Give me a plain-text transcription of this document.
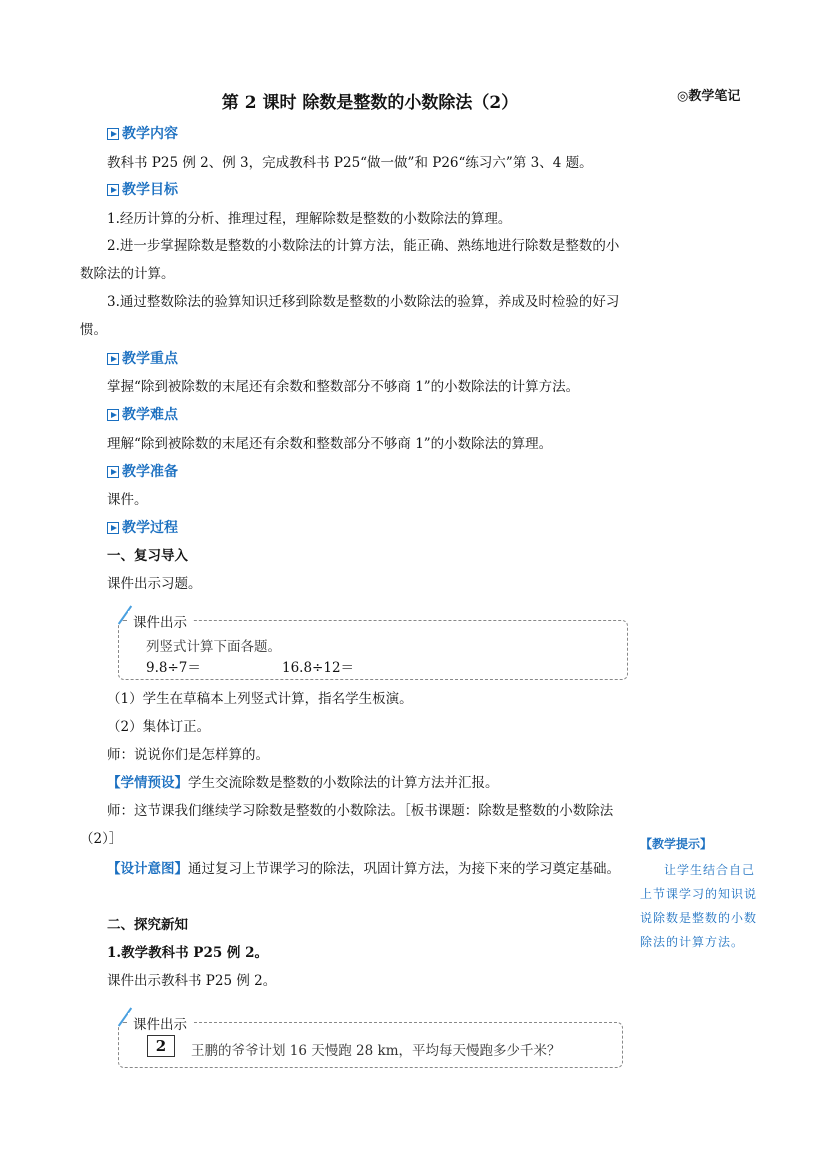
第 2 课时 除数是整数的小数除法（2）	◎教学笔记
教学内容
教科书 P25 例 2、例 3，完成教科书 P25“做一做”和 P26“练习六”第 3、4 题。
教学目标
1.经历计算的分析、推理过程，理解除数是整数的小数除法的算理。
2.进一步掌握除数是整数的小数除法的计算方法，能正确、熟练地进行除数是整数的小数除法的计算。
3.通过整数除法的验算知识迁移到除数是整数的小数除法的验算，养成及时检验的好习惯。
教学重点
掌握“除到被除数的末尾还有余数和整数部分不够商 1”的小数除法的计算方法。
教学难点
理解“除到被除数的末尾还有余数和整数部分不够商 1”的小数除法的算理。
教学准备
课件。
教学过程
一、复习导入
课件出示习题。
课件出示
列竖式计算下面各题。
9.8÷7＝	16.8÷12＝
（1）学生在草稿本上列竖式计算，指名学生板演。
（2）集体订正。
师：说说你们是怎样算的。
【学情预设】学生交流除数是整数的小数除法的计算方法并汇报。
师：这节课我们继续学习除数是整数的小数除法。［板书课题：除数是整数的小数除法（2）］
【设计意图】通过复习上节课学习的除法，巩固计算方法，为接下来的学习奠定基础。
二、探究新知
1.教学教科书 P25 例 2。
课件出示教科书 P25 例 2。
课件出示
2	王鹏的爷爷计划 16 天慢跑 28 km，平均每天慢跑多少千米？
【教学提示】
让学生结合自己上节课学习的知识说说除数是整数的小数除法的计算方法。
